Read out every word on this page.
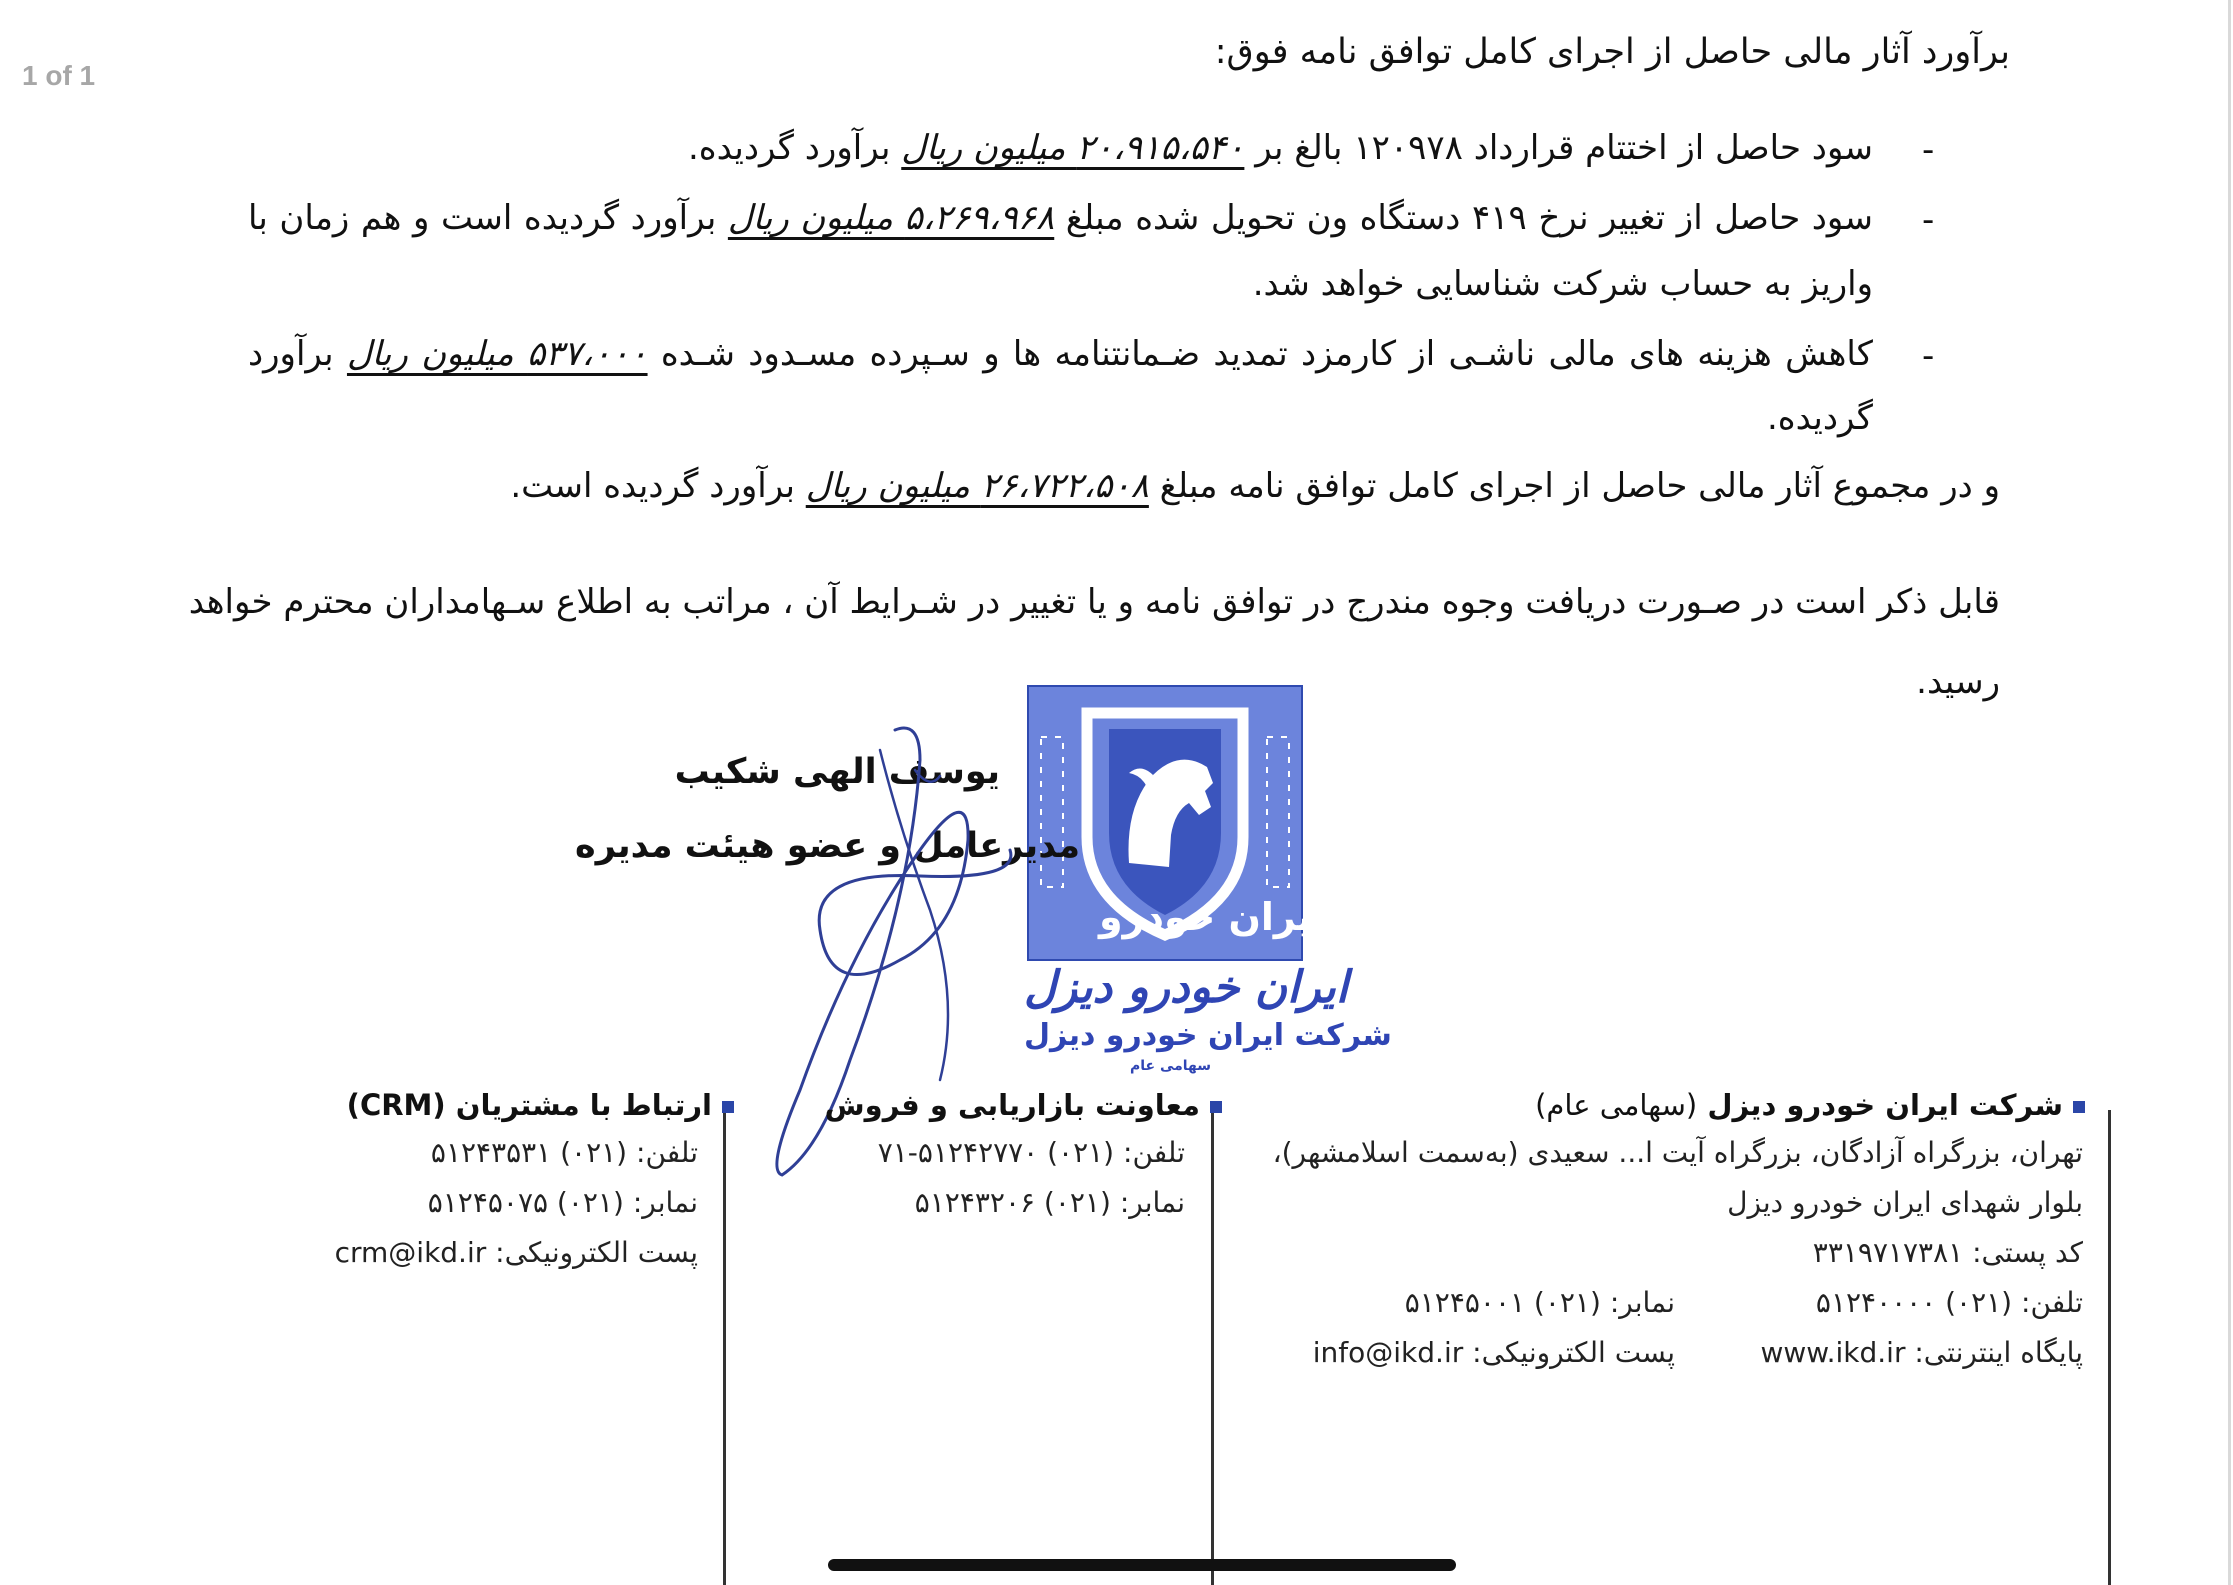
1 of 1
برآورد آثار مالی حاصل از اجرای کامل توافق نامه فوق:
-
سود حاصل از اختتام قرارداد ۱۲۰۹۷۸ بالغ بر ۲۰،۹۱۵،۵۴۰ میلیون ریال برآورد گردیده.
-
سود حاصل از تغییر نرخ ۴۱۹ دستگاه ون تحویل شده مبلغ ۵،۲۶۹،۹۶۸ میلیون ریال برآورد گردیده است و هم زمان با
واریز به حساب شرکت شناسایی خواهد شد.
-
کاهش هزینه های مالی ناشـی از کارمزد تمدید ضـمانتنامه ها و سـپرده مسـدود شـده ۵۳۷،۰۰۰ میلیون ریال برآورد
گردیده.
و در مجموع آثار مالی حاصل از اجرای کامل توافق نامه مبلغ ۲۶،۷۲۲،۵۰۸ میلیون ریال برآورد گردیده است.
قابل ذکر است در صـورت دریافت وجوه مندرج در توافق نامه و یا تغییر در شـرایط آن ، مراتب به اطلاع سـهامداران محترم خواهد
رسید.
ایران خودرو
ایران خودرو دیزل
شرکت ایران خودرو دیزل
سهامی عام
یوسف الهی شکیب
مدیرعامل و عضو هیئت مدیره
شرکت ایران خودرو دیزل (سهامی عام)
تهران، بزرگراه آزادگان، بزرگراه آیت ا... سعیدی (به‌سمت اسلامشهر)،
بلوار شهدای ایران خودرو دیزل
کد پستی: ۳۳۱۹۷۱۷۳۸۱
تلفن: (۰۲۱) ۵۱۲۴۰۰۰۰
نمابر: (۰۲۱) ۵۱۲۴۵۰۰۱
پایگاه اینترنتی: www.ikd.ir
پست الکترونیکی: info@ikd.ir
معاونت بازاریابی و فروش
تلفن: (۰۲۱) ۵۱۲۴۲۷۷۰-۷۱
نمابر: (۰۲۱) ۵۱۲۴۳۲۰۶
ارتباط با مشتریان (CRM)
تلفن: (۰۲۱) ۵۱۲۴۳۵۳۱
نمابر: (۰۲۱) ۵۱۲۴۵۰۷۵
پست الکترونیکی: crm@ikd.ir
